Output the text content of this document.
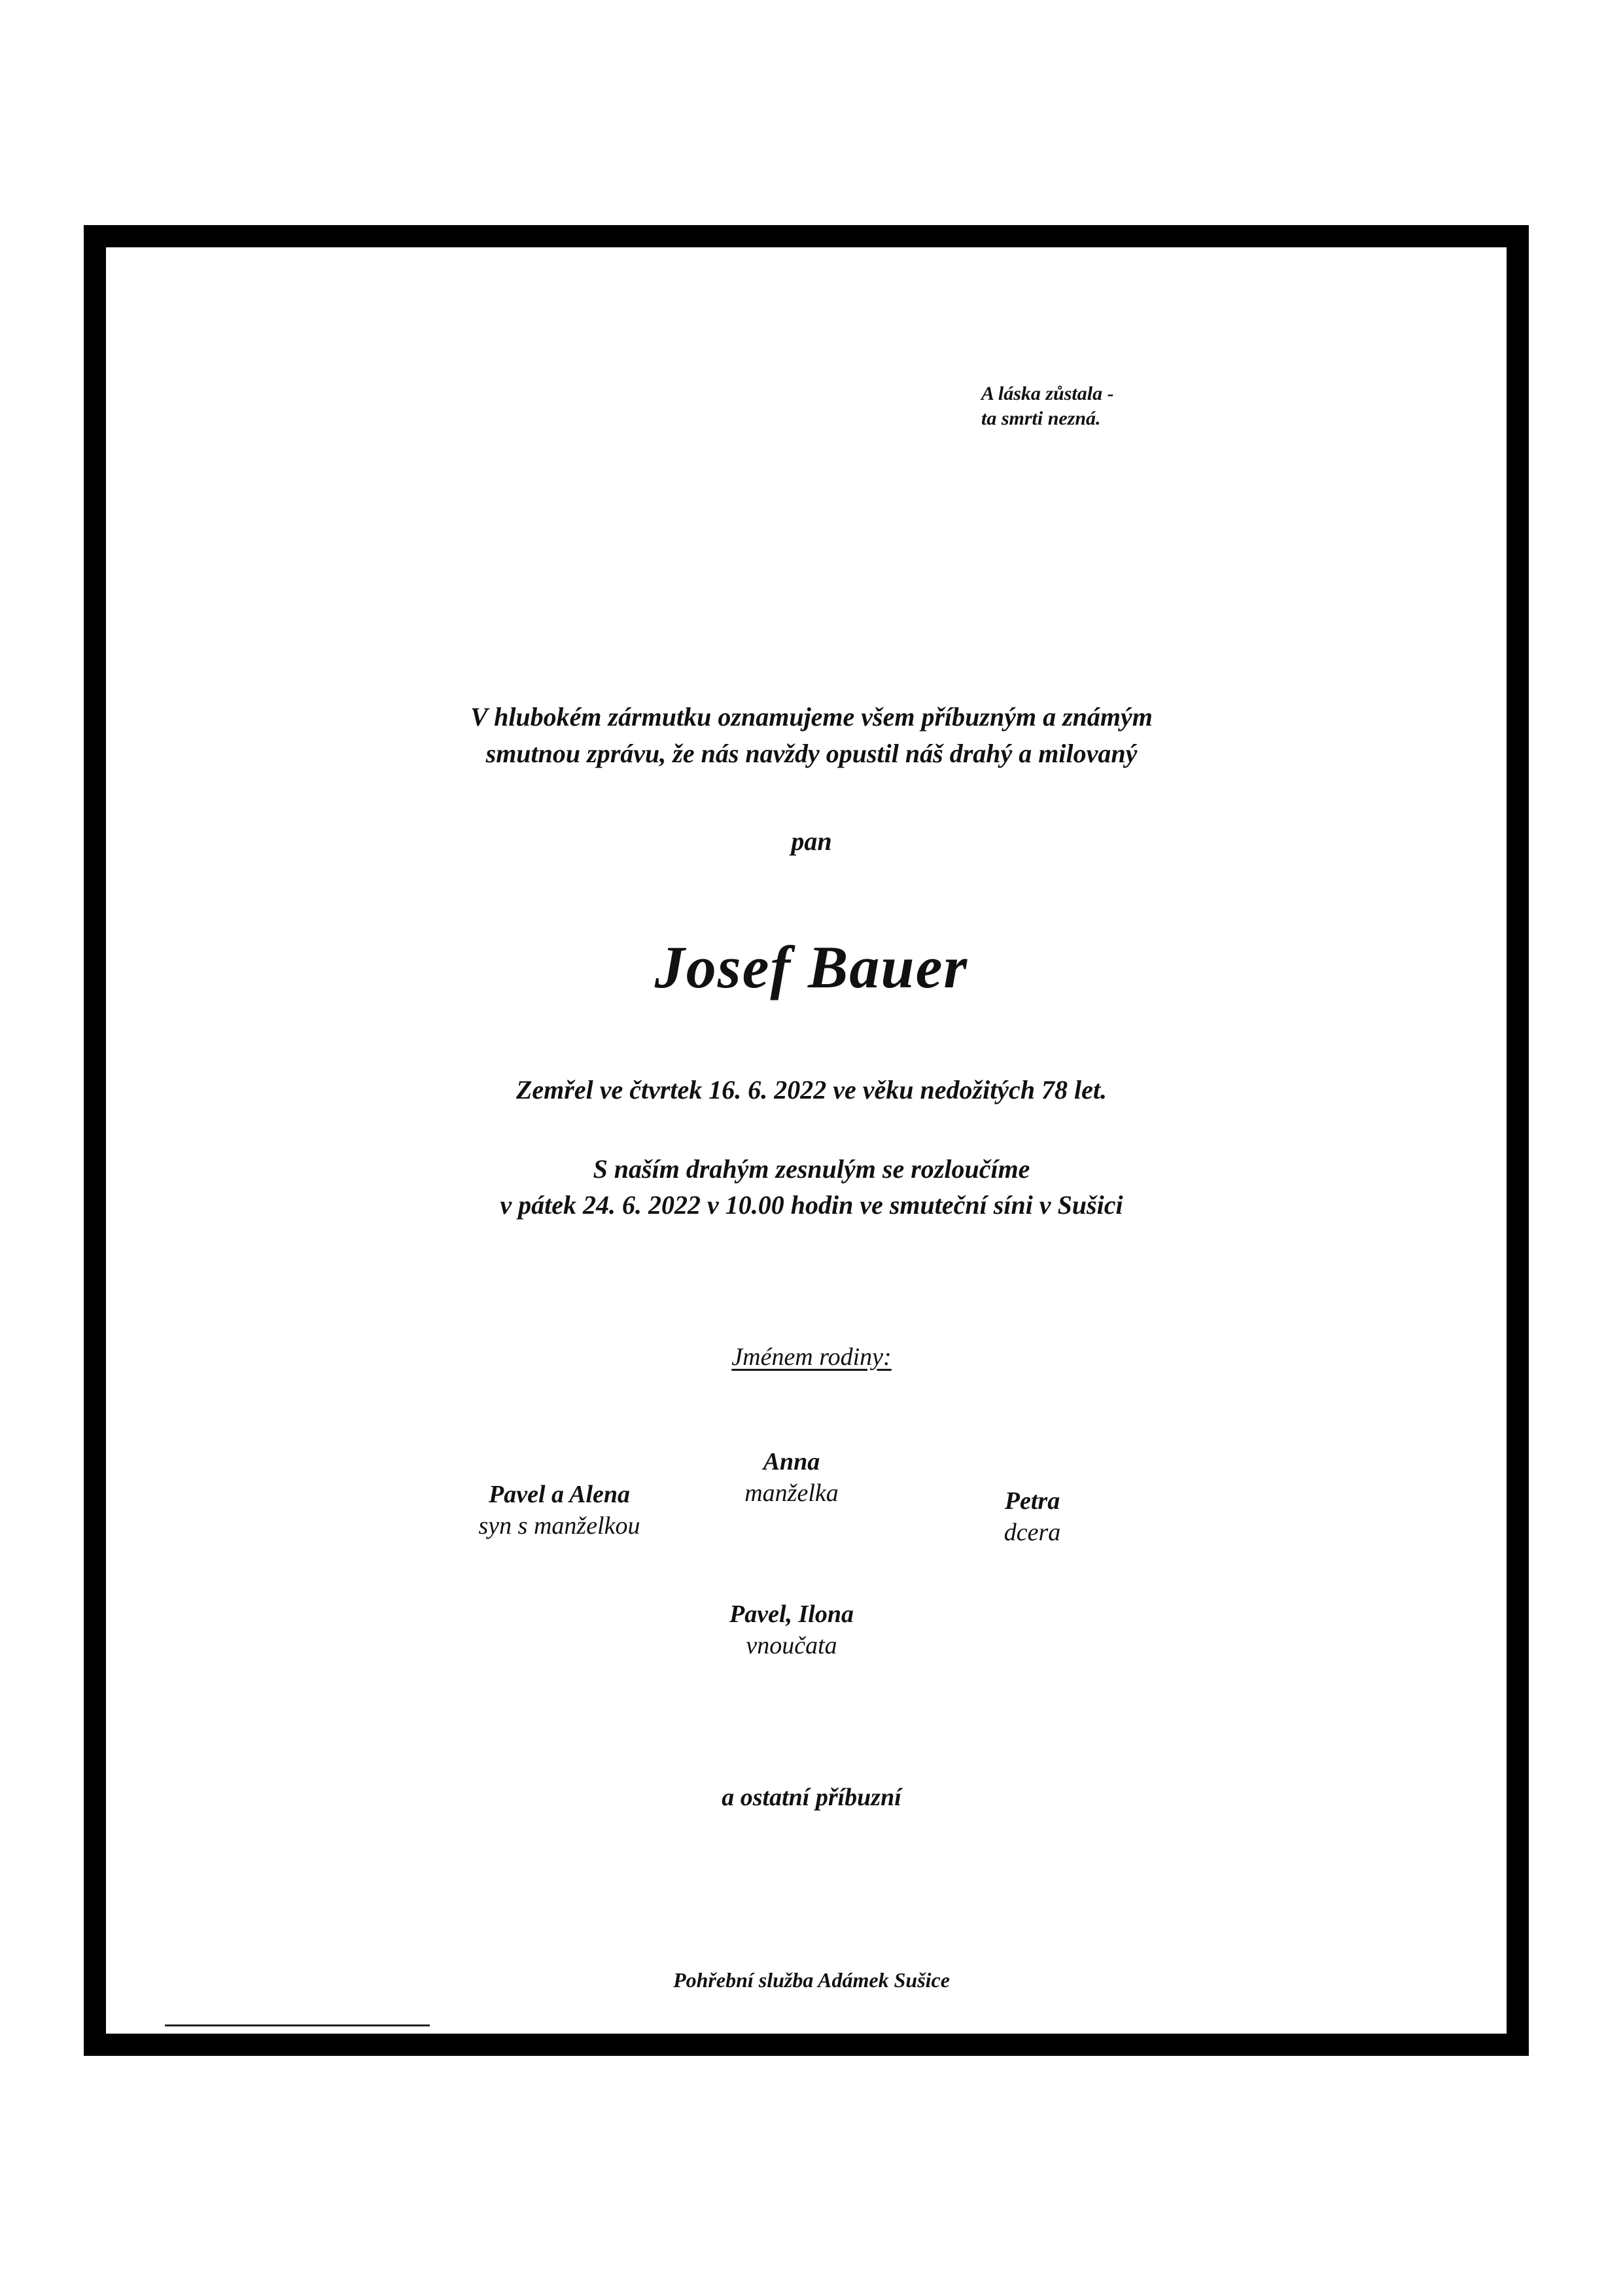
A láska zůstala -
ta smrti nezná.
V hlubokém zármutku oznamujeme všem příbuzným a známým
smutnou zprávu, že nás navždy opustil náš drahý a milovaný
pan
Josef Bauer
Zemřel ve čtvrtek 16. 6. 2022 ve věku nedožitých 78 let.
S naším drahým zesnulým se rozloučíme
v pátek 24. 6. 2022 v 10.00 hodin ve smuteční síni v Sušici
Jménem rodiny:
Pavel a Alena
syn s manželkou
Anna
manželka	Petra
dcera
Pavel, Ilona
vnoučata
a ostatní příbuzní
Pohřební služba Adámek Sušice
